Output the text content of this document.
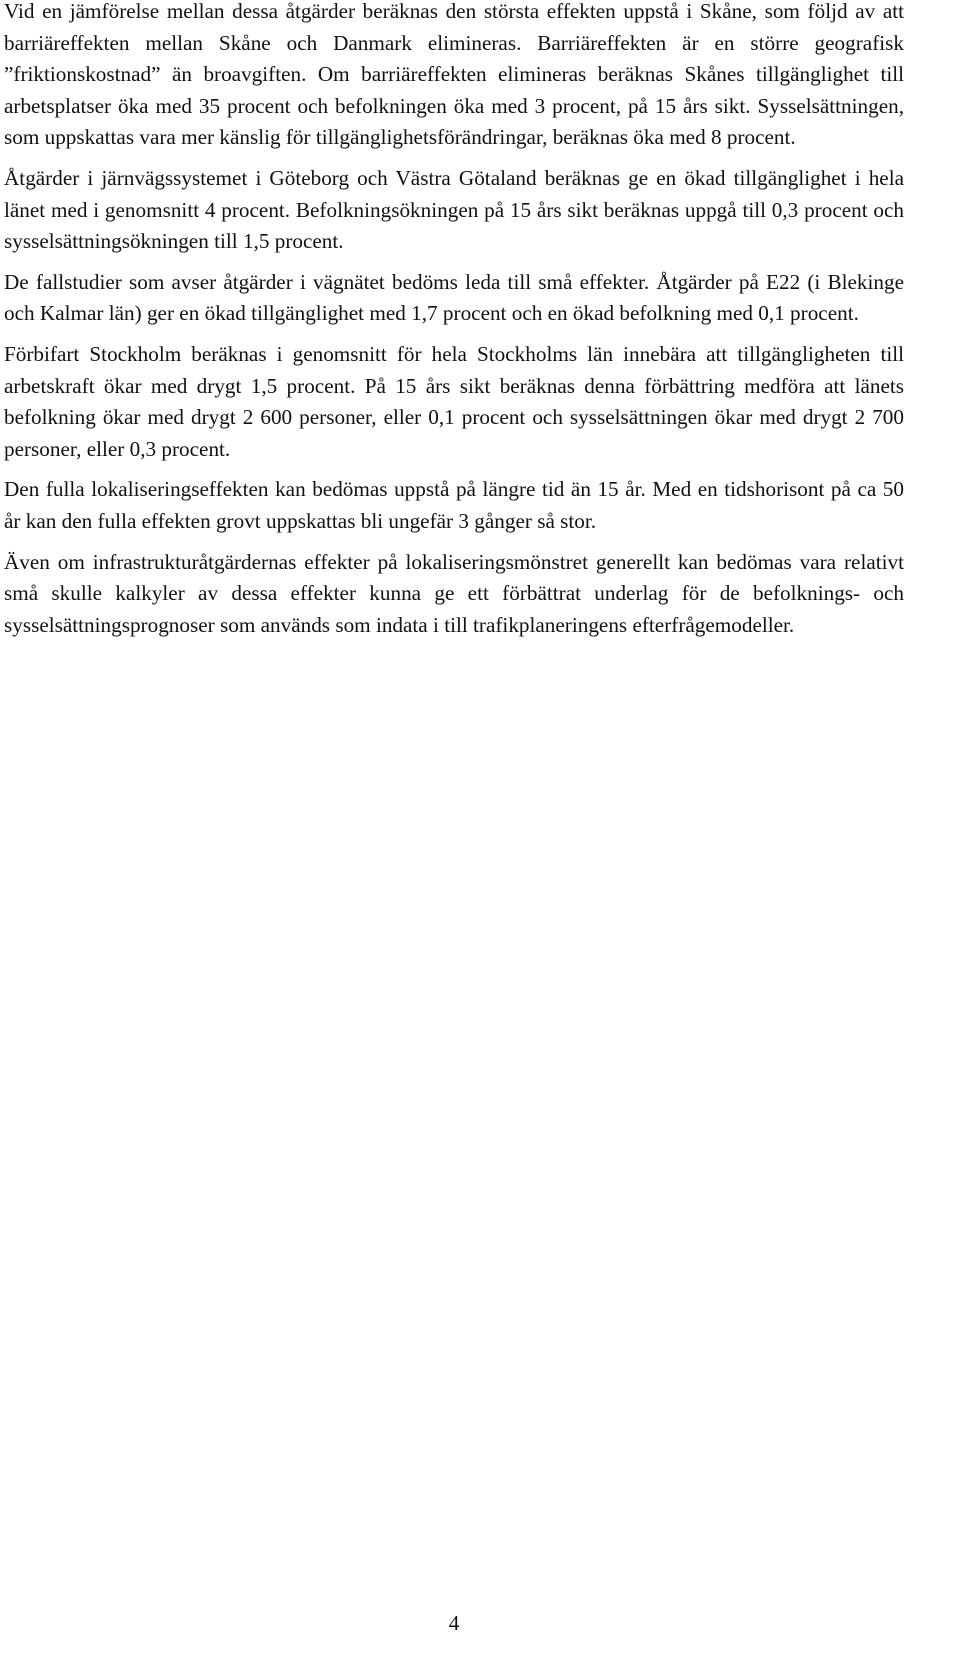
Vid en jämförelse mellan dessa åtgärder beräknas den största effekten uppstå i Skåne, som följd av att barriäreffekten mellan Skåne och Danmark elimineras. Barriäreffekten är en större geografisk ”friktionskostnad” än broavgiften. Om barriäreffekten elimineras beräknas Skånes tillgänglighet till arbetsplatser öka med 35 procent och befolkningen öka med 3 procent, på 15 års sikt. Sysselsättningen, som uppskattas vara mer känslig för tillgänglighetsförändringar, beräknas öka med 8 procent.

Åtgärder i järnvägssystemet i Göteborg och Västra Götaland beräknas ge en ökad tillgänglighet i hela länet med i genomsnitt 4 procent. Befolkningsökningen på 15 års sikt beräknas uppgå till 0,3 procent och sysselsättningsökningen till 1,5 procent.

De fallstudier som avser åtgärder i vägnätet bedöms leda till små effekter. Åtgärder på E22 (i Blekinge och Kalmar län) ger en ökad tillgänglighet med 1,7 procent och en ökad befolkning med 0,1 procent.

Förbifart Stockholm beräknas i genomsnitt för hela Stockholms län innebära att tillgängligheten till arbetskraft ökar med drygt 1,5 procent. På 15 års sikt beräknas denna förbättring medföra att länets befolkning ökar med drygt 2 600 personer, eller 0,1 procent och sysselsättningen ökar med drygt 2 700 personer, eller 0,3 procent.

Den fulla lokaliseringseffekten kan bedömas uppstå på längre tid än 15 år. Med en tidshorisont på ca 50 år kan den fulla effekten grovt uppskattas bli ungefär 3 gånger så stor.

Även om infrastrukturåtgärdernas effekter på lokaliseringsmönstret generellt kan bedömas vara relativt små skulle kalkyler av dessa effekter kunna ge ett förbättrat underlag för de befolknings- och sysselsättningsprognoser som används som indata i till trafikplaneringens efterfrågemodeller.

4
